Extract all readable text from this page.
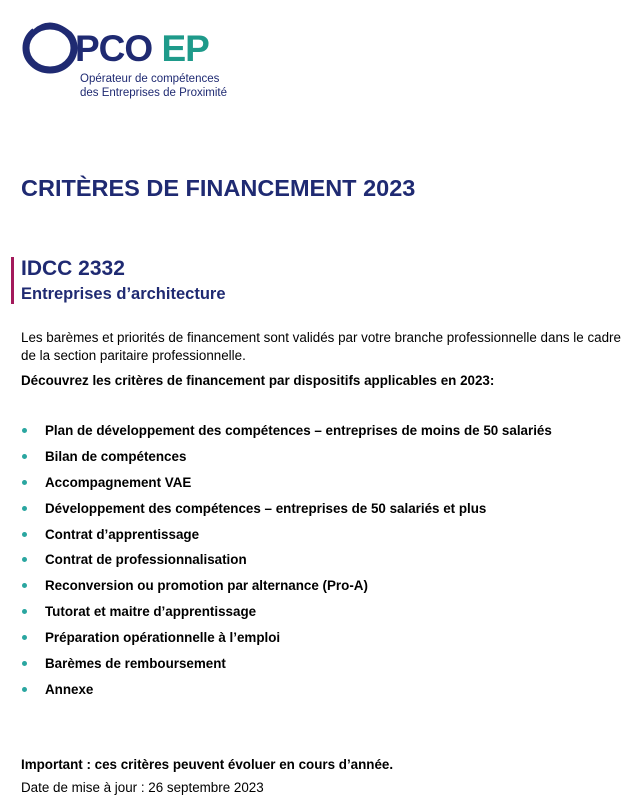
PCO EP
Opérateur de compétences
des Entreprises de Proximité
CRITÈRES DE FINANCEMENT 2023
IDCC 2332
Entreprises d’architecture

Les barèmes et priorités de financement sont validés par votre branche professionnelle dans le cadre de la section paritaire professionnelle.

Découvrez les critères de financement par dispositifs applicables en 2023:

Plan de développement des compétences – entreprises de moins de 50 salariés
Bilan de compétences
Accompagnement VAE
Développement des compétences – entreprises de 50 salariés et plus
Contrat d’apprentissage
Contrat de professionnalisation
Reconversion ou promotion par alternance (Pro-A)
Tutorat et maitre d’apprentissage
Préparation opérationnelle à l’emploi
Barèmes de remboursement
Annexe

Important : ces critères peuvent évoluer en cours d’année.

Date de mise à jour : 26 septembre 2023
